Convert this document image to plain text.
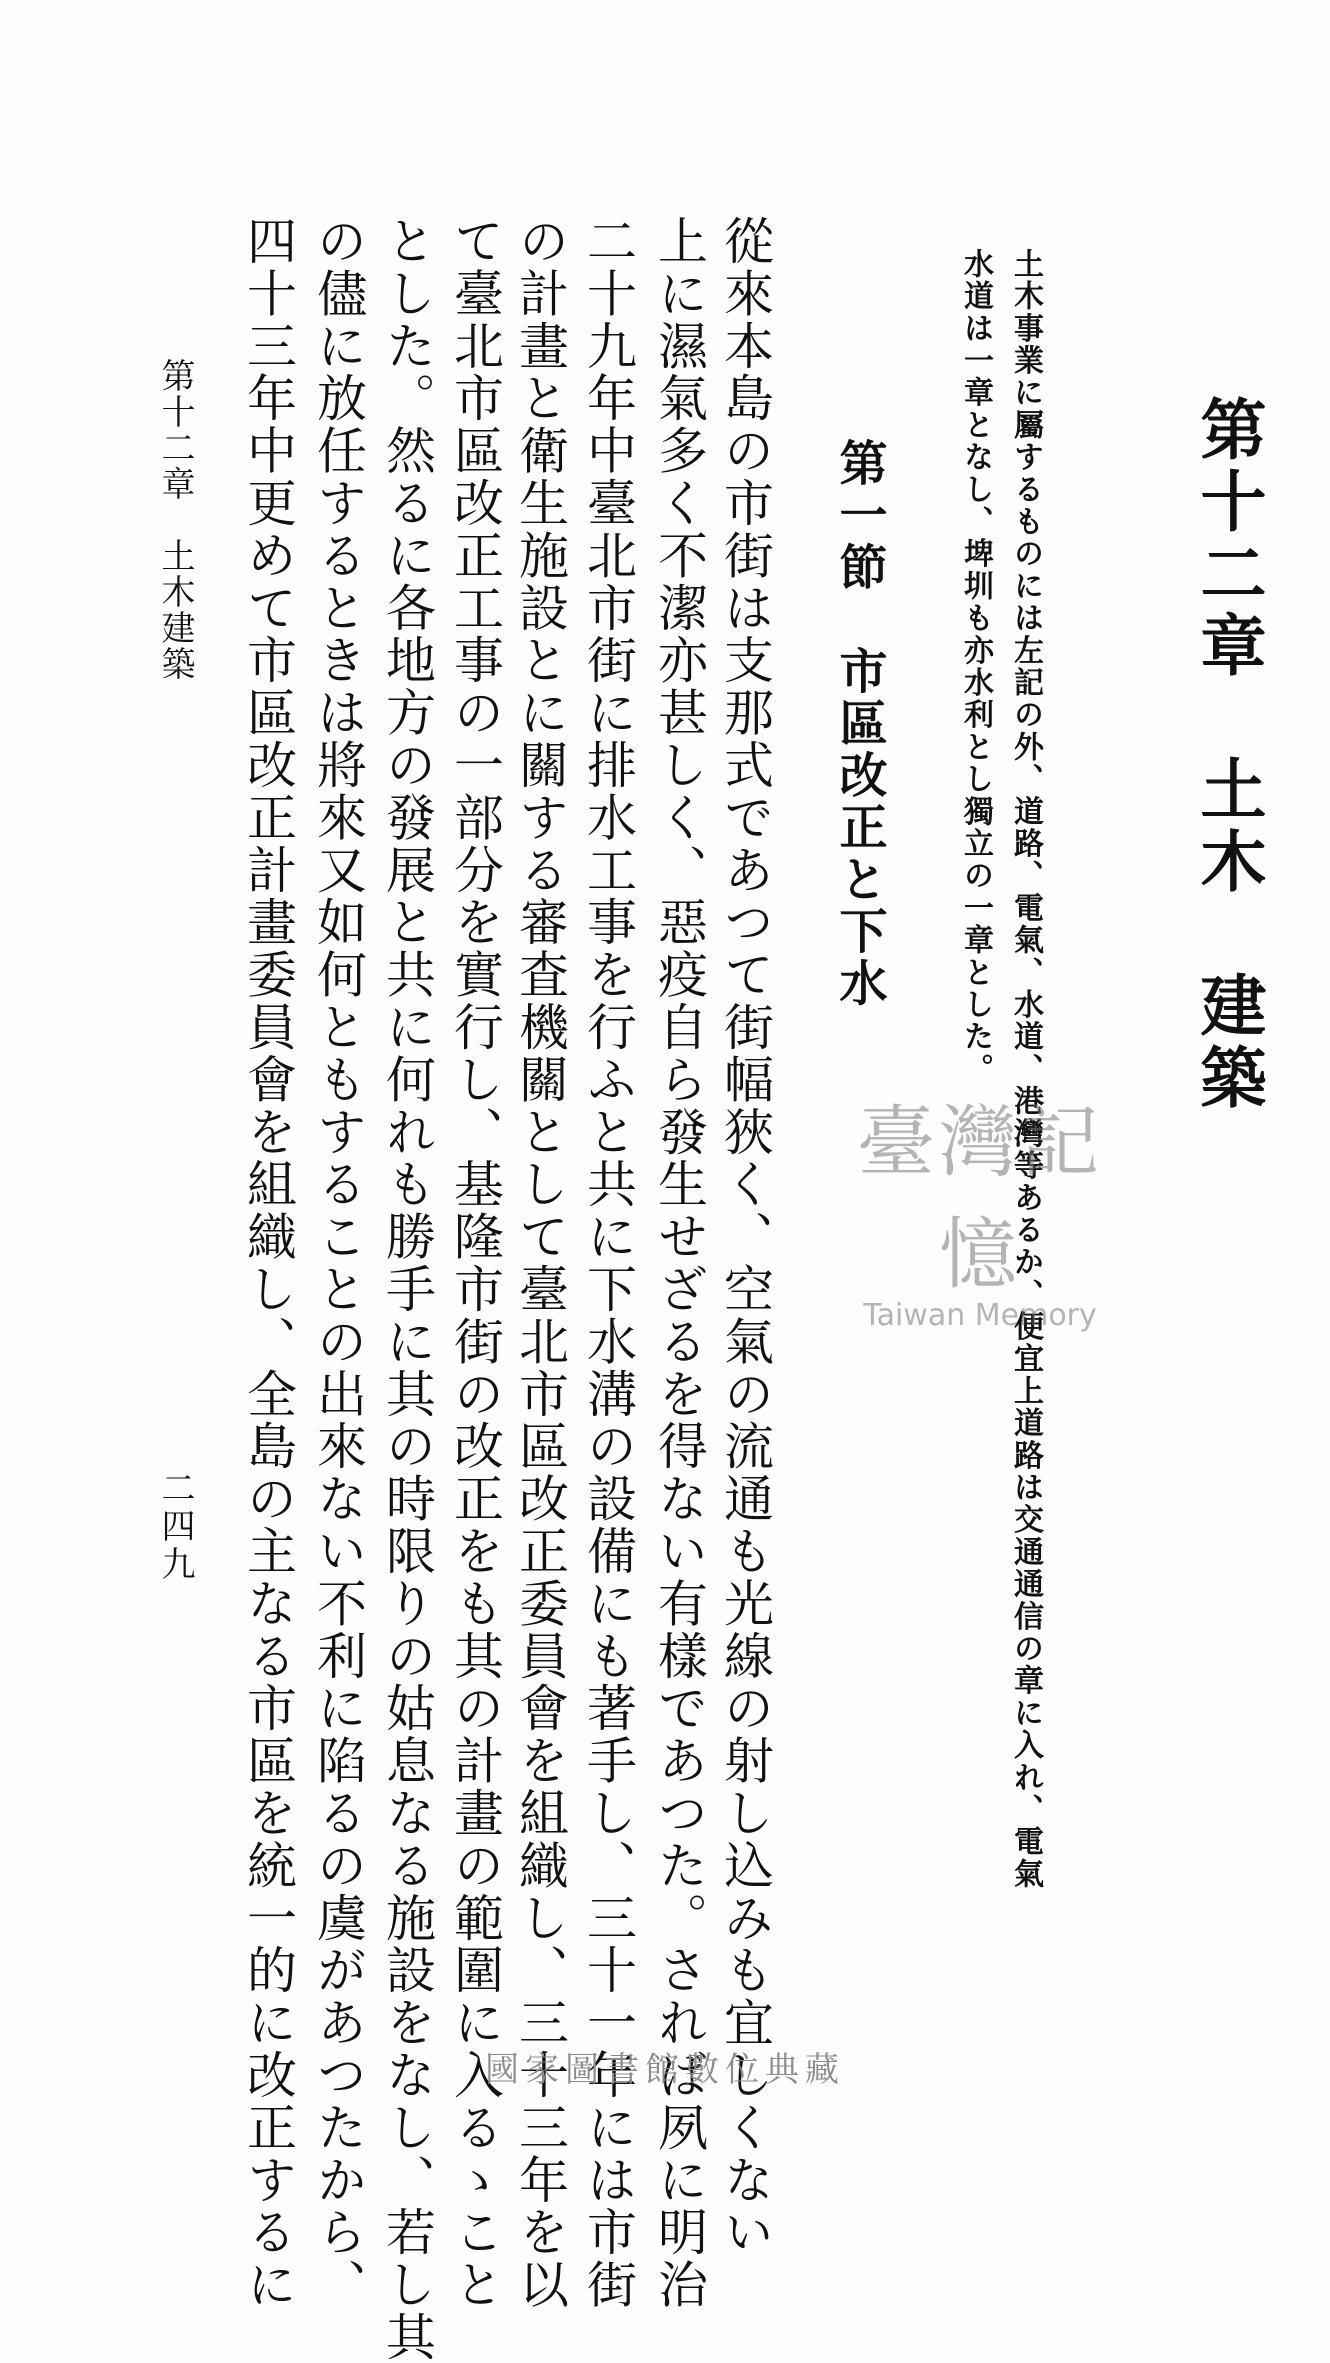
第十二章　土木　建築
土木事業に屬するものには左記の外、道路、電氣、水道、港灣等あるか、便宜上道路は交通通信の章に入れ、電氣
水道は一章となし、埤圳も亦水利とし獨立の一章とした。
第一節　市區改正と下水
從來本島の市街は支那式であつて街幅狹く、空氣の流通も光線の射し込みも宜しくない
上に濕氣多く不潔亦甚しく、惡疫自ら發生せざるを得ない有樣であつた。されば夙に明治
二十九年中臺北市街に排水工事を行ふと共に下水溝の設備にも著手し、三十一年には市街
の計畫と衛生施設とに關する審査機關として臺北市區改正委員會を組織し、三十三年を以
て臺北市區改正工事の一部分を實行し、基隆市街の改正をも其の計畫の範圍に入るゝこと
とした。然るに各地方の發展と共に何れも勝手に其の時限りの姑息なる施設をなし、若し其
の儘に放任するときは將來又如何ともすることの出來ない不利に陷るの虞があつたから、
四十三年中更めて市區改正計畫委員會を組織し、全島の主なる市區を統一的に改正するに
第十二章　土木建築
二四九
臺灣記憶
Taiwan Memory
國家圖書館數位典藏
